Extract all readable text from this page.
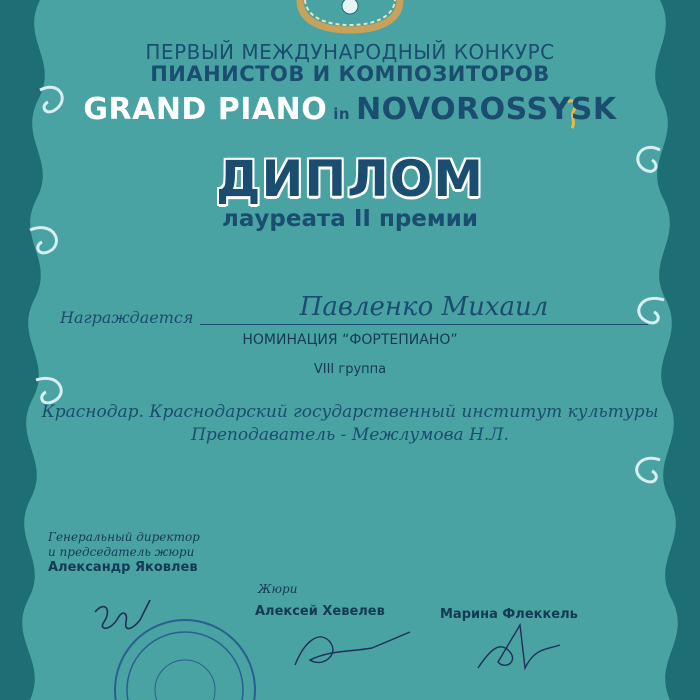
ПЕРВЫЙ МЕЖДУНАРОДНЫЙ КОНКУРС
ПИАНИСТОВ И КОМПОЗИТОРОВ
GRAND PIANO in NOVOROSSYSK
ДИПЛОМ
лауреата II премии
Награждается	Павленко Михаил
НОМИНАЦИЯ “ФОРТЕПИАНО”
VIII группа
Краснодар. Краснодарский государственный институт культуры
Преподаватель - Межлумова Н.Л.
Генеральный директор
и председатель жюри
Александр Яковлев
Жюри
Алексей Хевелев	Марина Флеккель
